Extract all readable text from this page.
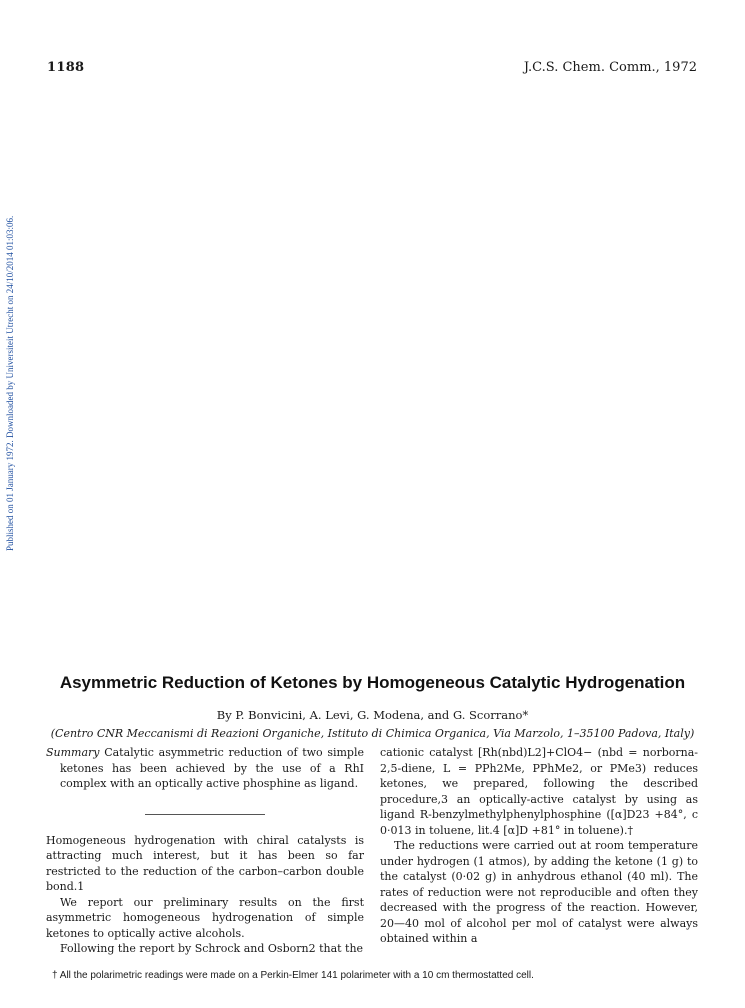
1188	J.C.S. Chem. Comm., 1972
Published on 01 January 1972. Downloaded by Universiteit Utrecht on 24/10/2014 01:03:06.
Asymmetric Reduction of Ketones by Homogeneous Catalytic Hydrogenation
By P. Bonvicini, A. Levi, G. Modena, and G. Scorrano*
(Centro CNR Meccanismi di Reazioni Organiche, Istituto di Chimica Organica, Via Marzolo, 1–35100 Padova, Italy)

Summary Catalytic asymmetric reduction of two simple ketones has been achieved by the use of a RhI complex with an optically active phosphine as ligand.

Homogeneous hydrogenation with chiral catalysts is attracting much interest, but it has been so far restricted to the reduction of the carbon–carbon double bond.1

We report our preliminary results on the first asymmetric homogeneous hydrogenation of simple ketones to optically active alcohols.

Following the report by Schrock and Osborn2 that the

cationic catalyst [Rh(nbd)L2]+ClO4− (nbd = norborna-2,5-diene, L = PPh2Me, PPhMe2, or PMe3) reduces ketones, we prepared, following the described procedure,3 an optically-active catalyst by using as ligand R-benzylmethylphenylphosphine ([α]D23 +84°, c 0·013 in toluene, lit.4 [α]D +81° in toluene).†

The reductions were carried out at room temperature under hydrogen (1 atmos), by adding the ketone (1 g) to the catalyst (0·02 g) in anhydrous ethanol (40 ml). The rates of reduction were not reproducible and often they decreased with the progress of the reaction. However, 20—40 mol of alcohol per mol of catalyst were always obtained within a

† All the polarimetric readings were made on a Perkin-Elmer 141 polarimeter with a 10 cm thermostatted cell.
